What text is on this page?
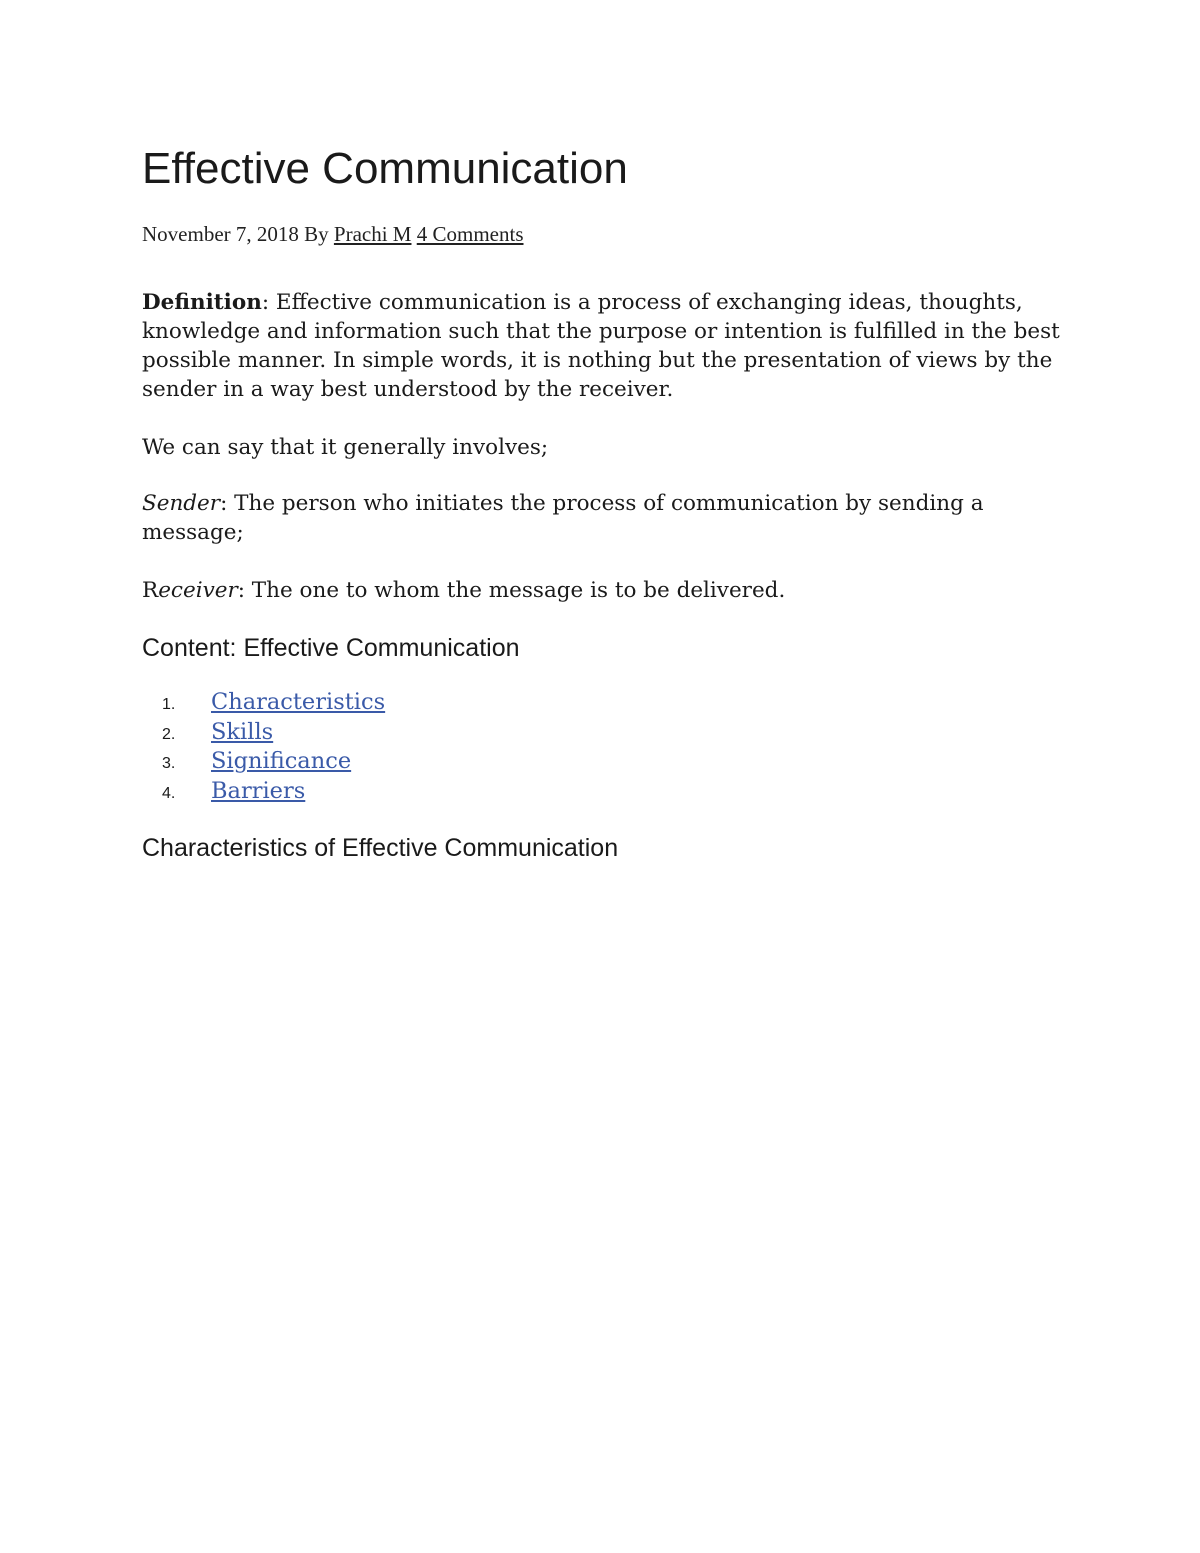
Effective Communication
November 7, 2018 By Prachi M 4 Comments

Definition: Effective communication is a process of exchanging ideas, thoughts, knowledge and information such that the purpose or intention is fulfilled in the best possible manner. In simple words, it is nothing but the presentation of views by the sender in a way best understood by the receiver.

We can say that it generally involves;

Sender: The person who initiates the process of communication by sending a message;

Receiver: The one to whom the message is to be delivered.

Content: Effective Communication
1.	Characteristics
2.	Skills
3.	Significance
4.	Barriers
Characteristics of Effective Communication
